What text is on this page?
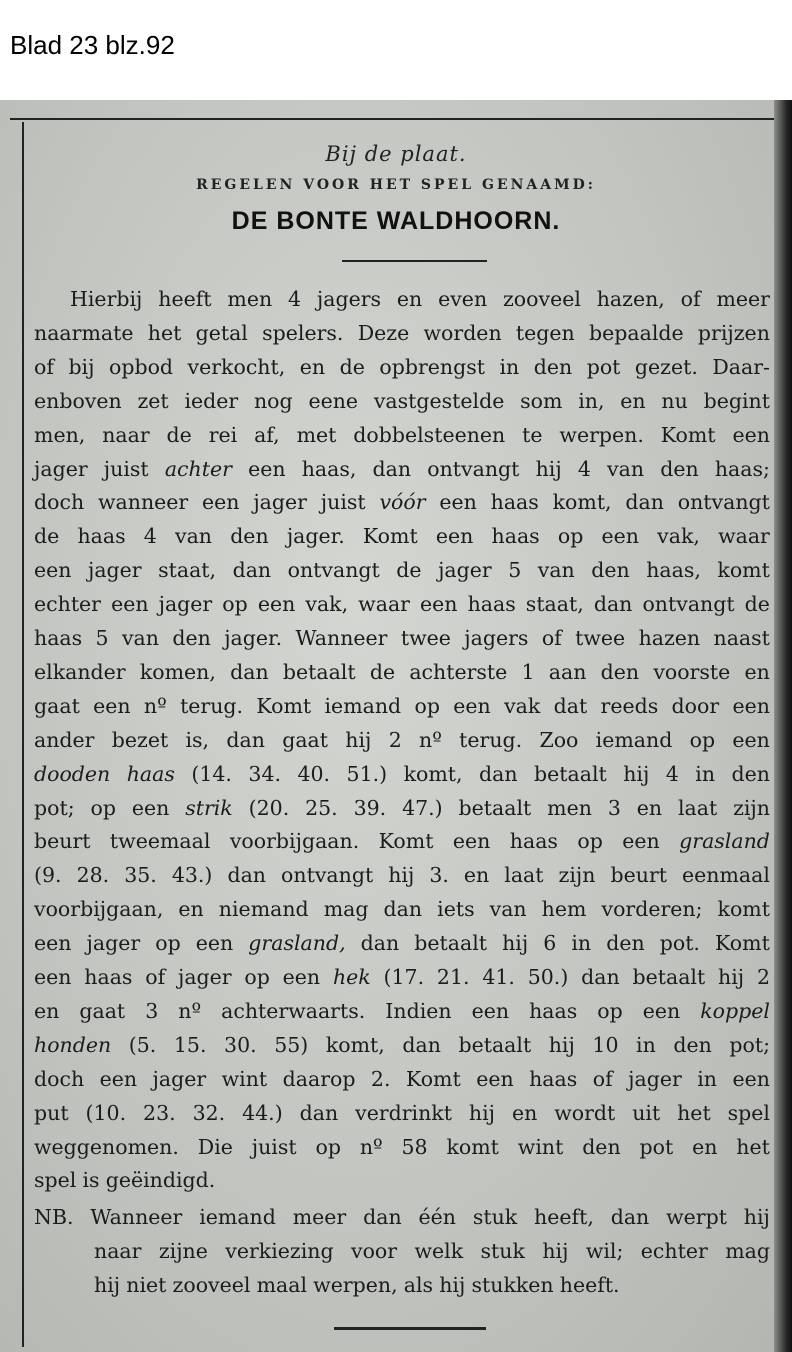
Blad 23 blz.92
Bij de plaat.
REGELEN VOOR HET SPEL GENAAMD:
DE BONTE WALDHOORN.
Hierbij heeft men 4 jagers en even zooveel hazen, of meer
naarmate het getal spelers. Deze worden tegen bepaalde prijzen
of bij opbod verkocht, en de opbrengst in den pot gezet. Daar-
enboven zet ieder nog eene vastgestelde som in, en nu begint
men, naar de rei af, met dobbelsteenen te werpen. Komt een
jager juist achter een haas, dan ontvangt hij 4 van den haas;
doch wanneer een jager juist vóór een haas komt, dan ontvangt
de haas 4 van den jager. Komt een haas op een vak, waar
een jager staat, dan ontvangt de jager 5 van den haas, komt
echter een jager op een vak, waar een haas staat, dan ontvangt de
haas 5 van den jager. Wanneer twee jagers of twee hazen naast
elkander komen, dan betaalt de achterste 1 aan den voorste en
gaat een nº terug. Komt iemand op een vak dat reeds door een
ander bezet is, dan gaat hij 2 nº terug. Zoo iemand op een
dooden haas (14. 34. 40. 51.) komt, dan betaalt hij 4 in den
pot; op een strik (20. 25. 39. 47.) betaalt men 3 en laat zijn
beurt tweemaal voorbijgaan. Komt een haas op een grasland
(9. 28. 35. 43.) dan ontvangt hij 3. en laat zijn beurt eenmaal
voorbijgaan, en niemand mag dan iets van hem vorderen; komt
een jager op een grasland, dan betaalt hij 6 in den pot. Komt
een haas of jager op een hek (17. 21. 41. 50.) dan betaalt hij 2
en gaat 3 nº achterwaarts. Indien een haas op een koppel
honden (5. 15. 30. 55) komt, dan betaalt hij 10 in den pot;
doch een jager wint daarop 2. Komt een haas of jager in een
put (10. 23. 32. 44.) dan verdrinkt hij en wordt uit het spel
weggenomen. Die juist op nº 58 komt wint den pot en het
spel is geëindigd.
NB. Wanneer iemand meer dan één stuk heeft, dan werpt hij
naar zijne verkiezing voor welk stuk hij wil; echter mag
hij niet zooveel maal werpen, als hij stukken heeft.
